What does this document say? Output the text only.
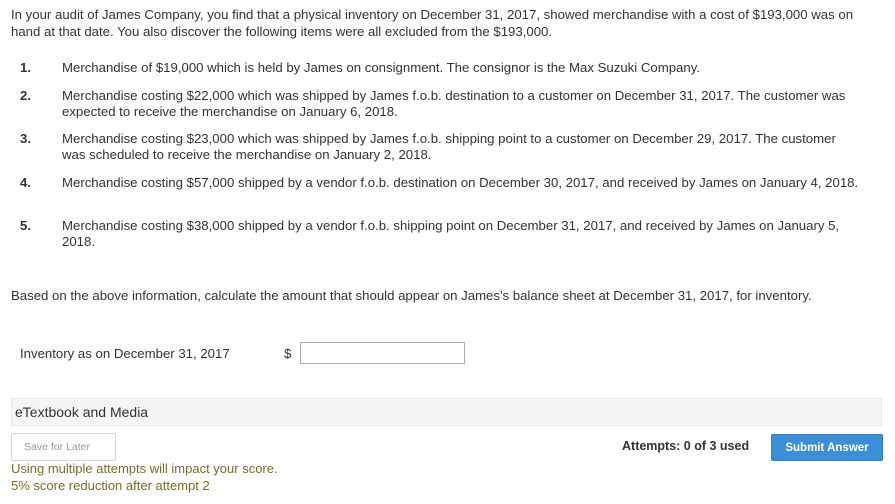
In your audit of James Company, you find that a physical inventory on December 31, 2017, showed merchandise with a cost of $193,000 was on hand at that date. You also discover the following items were all excluded from the $193,000.

1.	Merchandise of $19,000 which is held by James on consignment. The consignor is the Max Suzuki Company.
2.	Merchandise costing $22,000 which was shipped by James f.o.b. destination to a customer on December 31, 2017. The customer was expected to receive the merchandise on January 6, 2018.
3.	Merchandise costing $23,000 which was shipped by James f.o.b. shipping point to a customer on December 29, 2017. The customer was scheduled to receive the merchandise on January 2, 2018.
4.	Merchandise costing $57,000 shipped by a vendor f.o.b. destination on December 30, 2017, and received by James on January 4, 2018.
5.	Merchandise costing $38,000 shipped by a vendor f.o.b. shipping point on December 31, 2017, and received by James on January 5, 2018.

Based on the above information, calculate the amount that should appear on James's balance sheet at December 31, 2017, for inventory.

Inventory as on December 31, 2017	$
eTextbook and Media
Save for Later	Attempts: 0 of 3 used	Submit Answer
Using multiple attempts will impact your score.
5% score reduction after attempt 2
